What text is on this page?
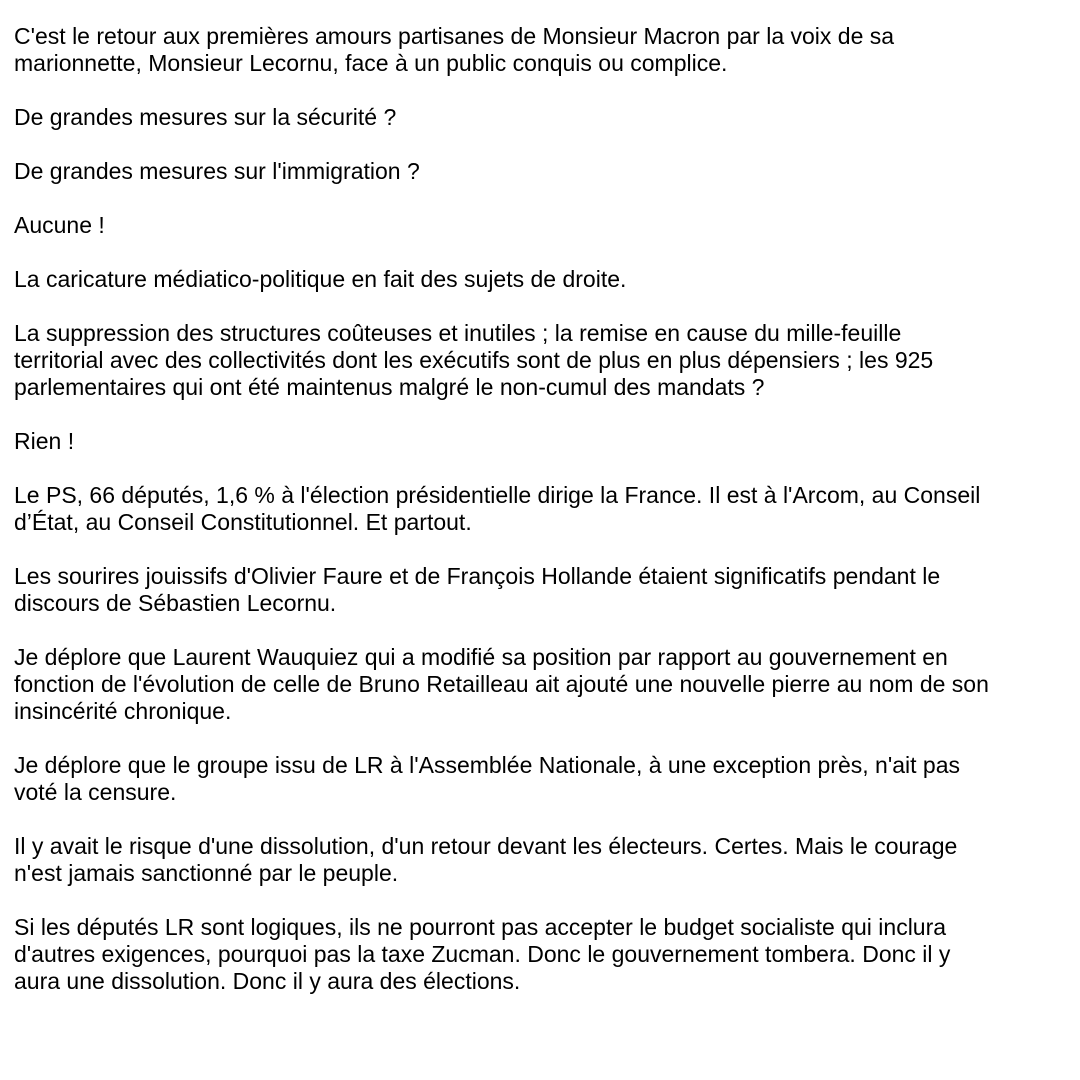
C'est le retour aux premières amours partisanes de Monsieur Macron par la voix de sa
marionnette, Monsieur Lecornu, face à un public conquis ou complice.

De grandes mesures sur la sécurité ?

De grandes mesures sur l'immigration ?

Aucune !

La caricature médiatico-politique en fait des sujets de droite.

La suppression des structures coûteuses et inutiles ; la remise en cause du mille-feuille
territorial avec des collectivités dont les exécutifs sont de plus en plus dépensiers ; les 925
parlementaires qui ont été maintenus malgré le non-cumul des mandats ?

Rien !

Le PS, 66 députés, 1,6 % à l'élection présidentielle dirige la France. Il est à l'Arcom, au Conseil
d’État, au Conseil Constitutionnel. Et partout.

Les sourires jouissifs d'Olivier Faure et de François Hollande étaient significatifs pendant le
discours de Sébastien Lecornu.

Je déplore que Laurent Wauquiez qui a modifié sa position par rapport au gouvernement en
fonction de l'évolution de celle de Bruno Retailleau ait ajouté une nouvelle pierre au nom de son
insincérité chronique.

Je déplore que le groupe issu de LR à l'Assemblée Nationale, à une exception près, n'ait pas
voté la censure.

Il y avait le risque d'une dissolution, d'un retour devant les électeurs. Certes. Mais le courage
n'est jamais sanctionné par le peuple.

Si les députés LR sont logiques, ils ne pourront pas accepter le budget socialiste qui inclura
d'autres exigences, pourquoi pas la taxe Zucman. Donc le gouvernement tombera. Donc il y
aura une dissolution. Donc il y aura des élections.
